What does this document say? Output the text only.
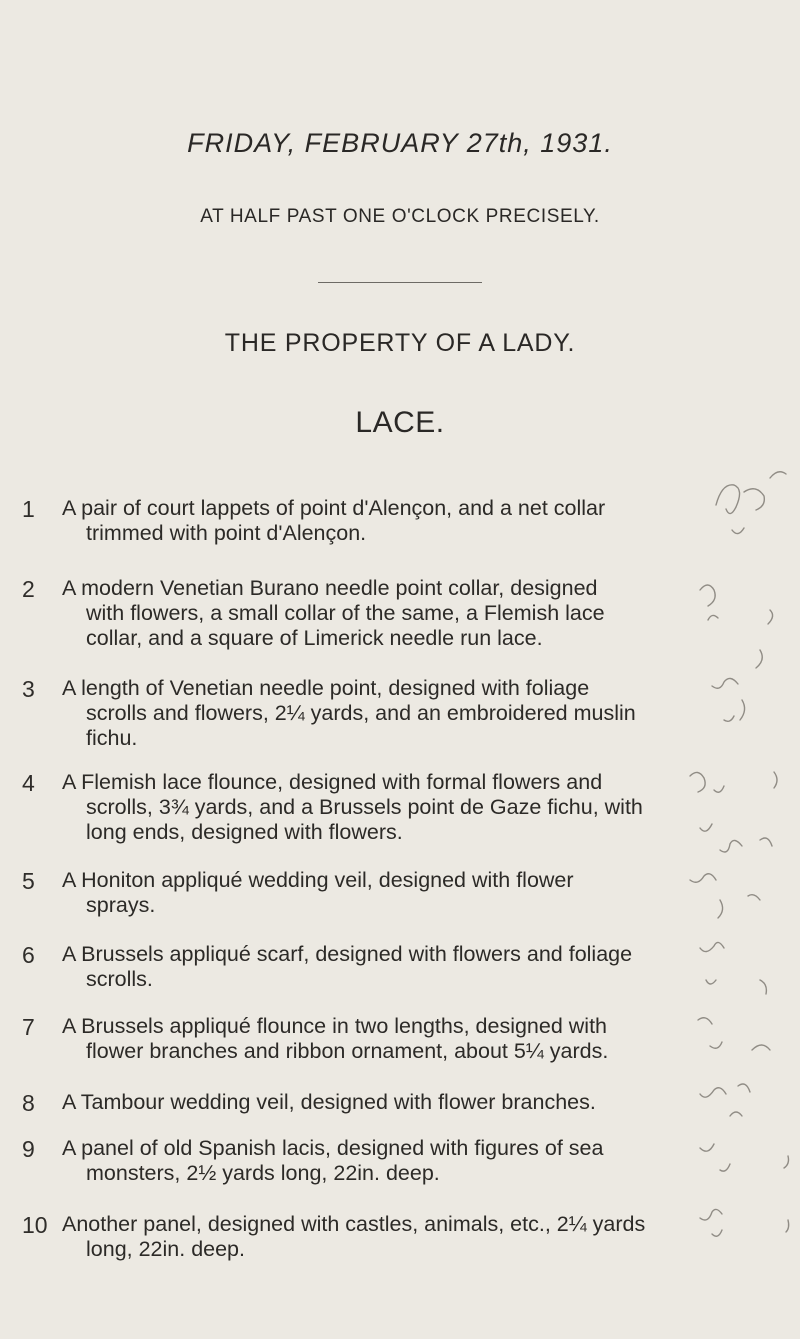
FRIDAY, FEBRUARY 27th, 1931.
AT HALF PAST ONE O'CLOCK PRECISELY.
THE PROPERTY OF A LADY.
LACE.
1 A pair of court lappets of point d'Alençon, and a net collar
trimmed with point d'Alençon.
2 A modern Venetian Burano needle point collar, designed
with flowers, a small collar of the same, a Flemish lace
collar, and a square of Limerick needle run lace.
3 A length of Venetian needle point, designed with foliage
scrolls and flowers, 2¼ yards, and an embroidered muslin
fichu.
4 A Flemish lace flounce, designed with formal flowers and
scrolls, 3¾ yards, and a Brussels point de Gaze fichu, with
long ends, designed with flowers.
5 A Honiton appliqué wedding veil, designed with flower
sprays.
6 A Brussels appliqué scarf, designed with flowers and foliage
scrolls.
7 A Brussels appliqué flounce in two lengths, designed with
flower branches and ribbon ornament, about 5¼ yards.
8 A Tambour wedding veil, designed with flower branches.
9 A panel of old Spanish lacis, designed with figures of sea
monsters, 2½ yards long, 22in. deep.
10 Another panel, designed with castles, animals, etc., 2¼ yards
long, 22in. deep.
